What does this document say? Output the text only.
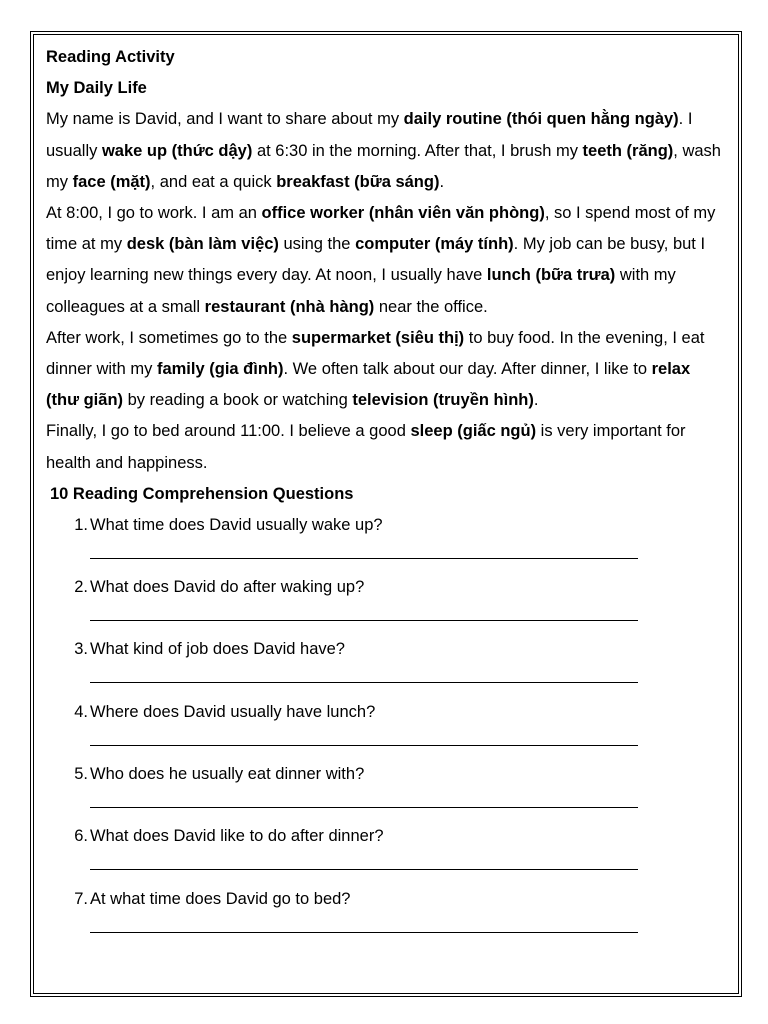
Reading Activity
My Daily Life
My name is David, and I want to share about my daily routine (thói quen hằng ngày). I usually wake up (thức dậy) at 6:30 in the morning. After that, I brush my teeth (răng), wash my face (mặt), and eat a quick breakfast (bữa sáng).
At 8:00, I go to work. I am an office worker (nhân viên văn phòng), so I spend most of my time at my desk (bàn làm việc) using the computer (máy tính). My job can be busy, but I enjoy learning new things every day. At noon, I usually have lunch (bữa trưa) with my colleagues at a small restaurant (nhà hàng) near the office.
After work, I sometimes go to the supermarket (siêu thị) to buy food. In the evening, I eat dinner with my family (gia đình). We often talk about our day. After dinner, I like to relax (thư giãn) by reading a book or watching television (truyền hình).
Finally, I go to bed around 11:00. I believe a good sleep (giấc ngủ) is very important for health and happiness.
10 Reading Comprehension Questions
1. What time does David usually wake up?
2. What does David do after waking up?
3. What kind of job does David have?
4. Where does David usually have lunch?
5. Who does he usually eat dinner with?
6. What does David like to do after dinner?
7. At what time does David go to bed?
